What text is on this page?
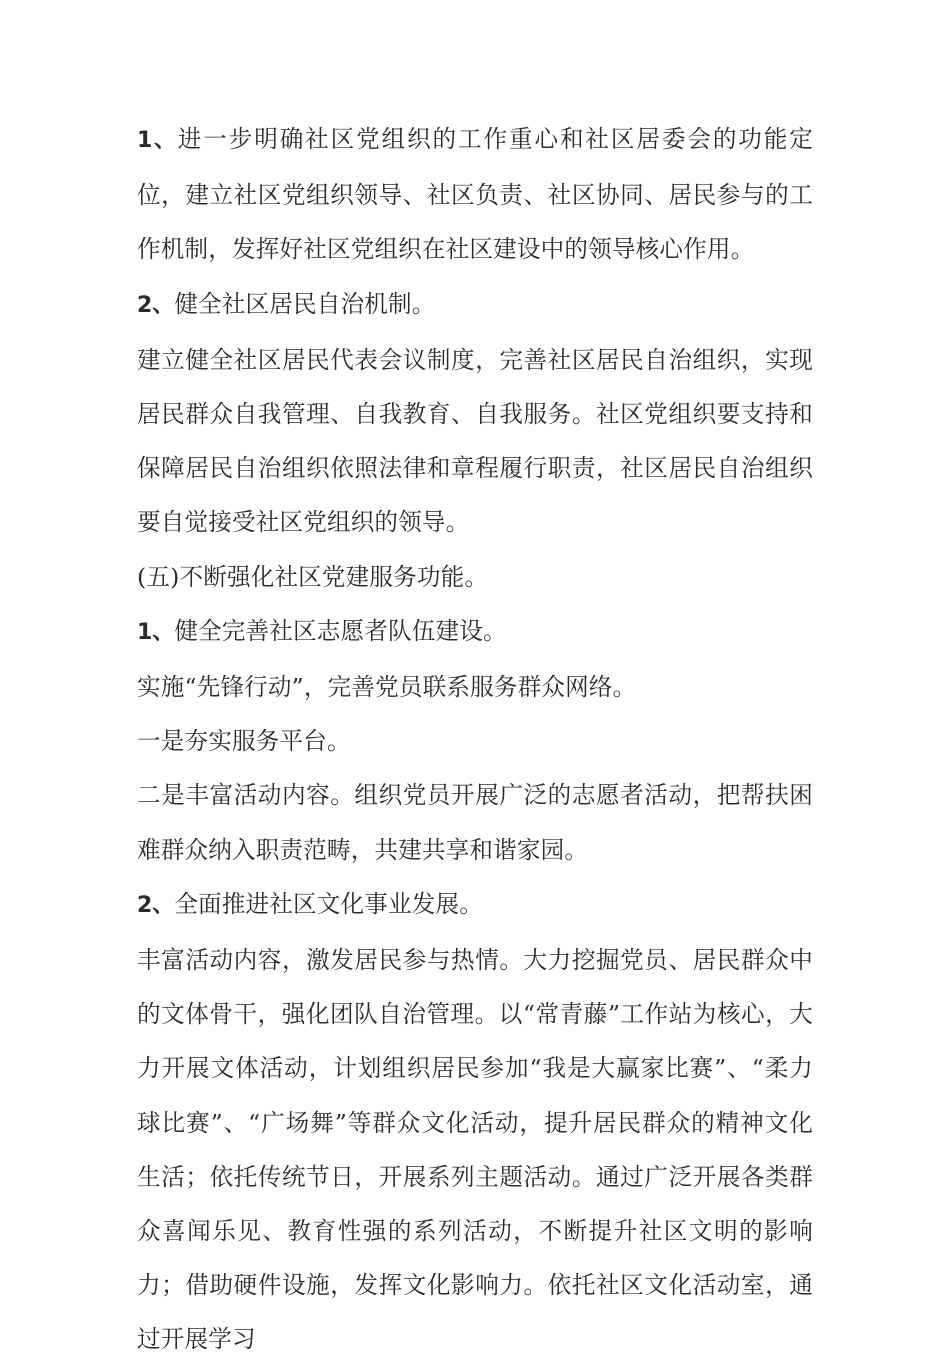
1、进一步明确社区党组织的工作重心和社区居委会的功能定位，建立社区党组织领导、社区负责、社区协同、居民参与的工作机制，发挥好社区党组织在社区建设中的领导核心作用。

2、健全社区居民自治机制。

建立健全社区居民代表会议制度，完善社区居民自治组织，实现居民群众自我管理、自我教育、自我服务。社区党组织要支持和保障居民自治组织依照法律和章程履行职责，社区居民自治组织要自觉接受社区党组织的领导。

(五)不断强化社区党建服务功能。

1、健全完善社区志愿者队伍建设。

实施“先锋行动”，完善党员联系服务群众网络。

一是夯实服务平台。

二是丰富活动内容。组织党员开展广泛的志愿者活动，把帮扶困难群众纳入职责范畴，共建共享和谐家园。

2、全面推进社区文化事业发展。

丰富活动内容，激发居民参与热情。大力挖掘党员、居民群众中的文体骨干，强化团队自治管理。以“常青藤”工作站为核心，大力开展文体活动，计划组织居民参加“我是大赢家比赛”、“柔力球比赛”、“广场舞”等群众文化活动，提升居民群众的精神文化生活；依托传统节日，开展系列主题活动。通过广泛开展各类群众喜闻乐见、教育性强的系列活动，不断提升社区文明的影响力；借助硬件设施，发挥文化影响力。依托社区文化活动室，通过开展学习
